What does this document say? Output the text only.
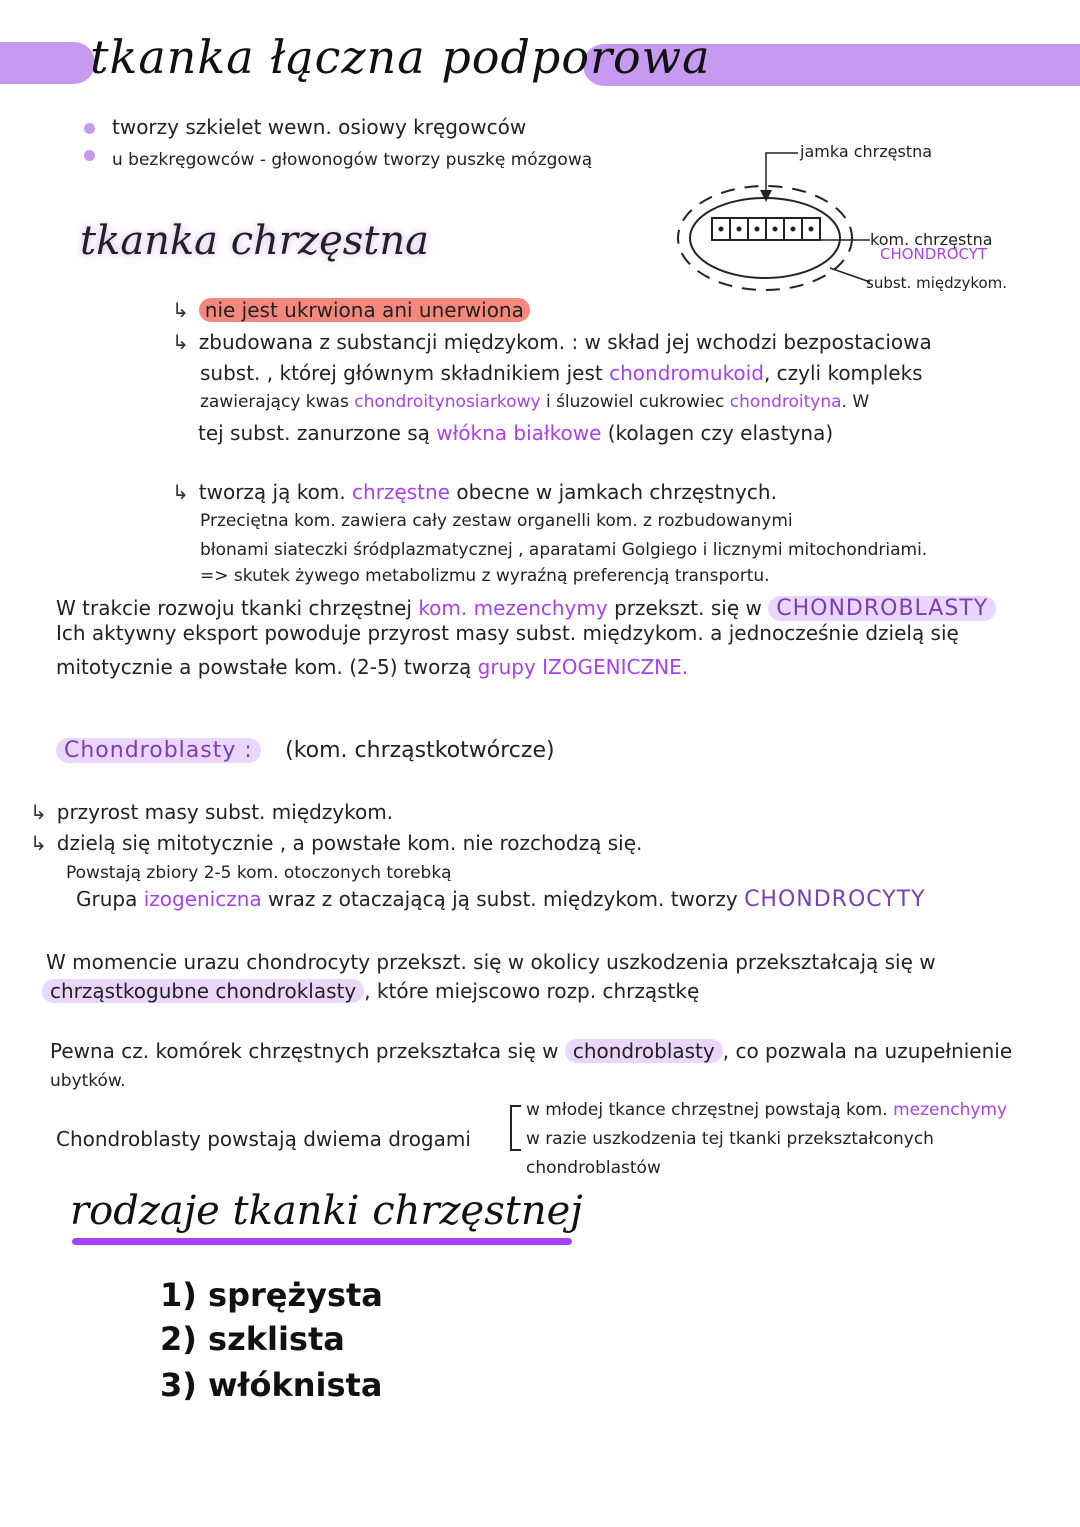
tkanka łączna podporowa
tworzy szkielet wewn. osiowy kręgowców
u bezkręgowców - głowonogów tworzy puszkę mózgową
tkanka chrzęstna
jamka chrzęstna
kom. chrzęstna
CHONDROCYT
subst. międzykom.
↳ nie jest ukrwiona ani unerwiona
↳ zbudowana z substancji międzykom. : w skład jej wchodzi bezpostaciowa
subst. , której głównym składnikiem jest chondromukoid, czyli kompleks
zawierający kwas chondroitynosiarkowy i śluzowiel cukrowiec chondroityna. W
tej subst. zanurzone są włókna białkowe (kolagen czy elastyna)
↳ tworzą ją kom. chrzęstne obecne w jamkach chrzęstnych.
Przeciętna kom. zawiera cały zestaw organelli kom. z rozbudowanymi
błonami siateczki śródplazmatycznej , aparatami Golgiego i licznymi mitochondriami.
=> skutek żywego metabolizmu z wyraźną preferencją transportu.
W trakcie rozwoju tkanki chrzęstnej kom. mezenchymy przekszt. się w CHONDROBLASTY
Ich aktywny eksport powoduje przyrost masy subst. międzykom. a jednocześnie dzielą się
mitotycznie a powstałe kom. (2-5) tworzą grupy IZOGENICZNE.
Chondroblasty : (kom. chrząstkotwórcze)
↳ przyrost masy subst. międzykom.
↳ dzielą się mitotycznie , a powstałe kom. nie rozchodzą się.
Powstają zbiory 2-5 kom. otoczonych torebką
Grupa izogeniczna wraz z otaczającą ją subst. międzykom. tworzy CHONDROCYTY
W momencie urazu chondrocyty przekszt. się w okolicy uszkodzenia przekształcają się w
chrząstkogubne chondroklasty , które miejscowo rozp. chrząstkę
Pewna cz. komórek chrzęstnych przekształca się w chondroblasty , co pozwala na uzupełnienie
ubytków.
Chondroblasty powstają dwiema drogami
w młodej tkance chrzęstnej powstają kom. mezenchymy
w razie uszkodzenia tej tkanki przekształconych
chondroblastów
rodzaje tkanki chrzęstnej
1) sprężysta
2) szklista
3) włóknista
